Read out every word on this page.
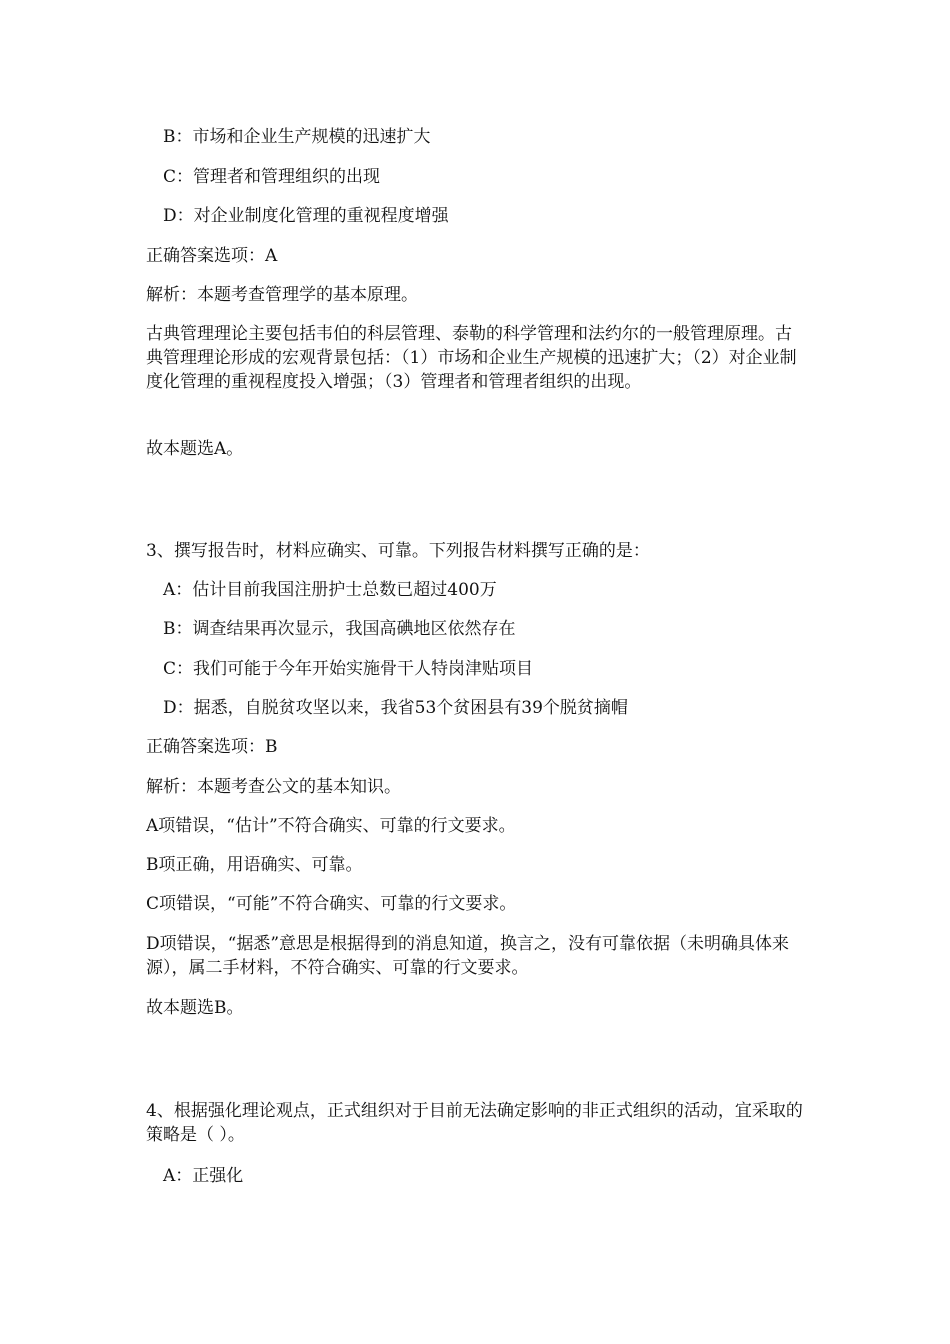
B：市场和企业生产规模的迅速扩大
C：管理者和管理组织的出现
D：对企业制度化管理的重视程度增强
正确答案选项：A
解析：本题考查管理学的基本原理。
古典管理理论主要包括韦伯的科层管理、泰勒的科学管理和法约尔的一般管理原理。古典管理理论形成的宏观背景包括：（1）市场和企业生产规模的迅速扩大；（2）对企业制度化管理的重视程度投入增强；（3）管理者和管理者组织的出现。
故本题选A。
3、撰写报告时，材料应确实、可靠。下列报告材料撰写正确的是：
A：估计目前我国注册护士总数已超过400万
B：调查结果再次显示，我国高碘地区依然存在
C：我们可能于今年开始实施骨干人特岗津贴项目
D：据悉，自脱贫攻坚以来，我省53个贫困县有39个脱贫摘帽
正确答案选项：B
解析：本题考查公文的基本知识。
A项错误，“估计”不符合确实、可靠的行文要求。
B项正确，用语确实、可靠。
C项错误，“可能”不符合确实、可靠的行文要求。
D项错误，“据悉”意思是根据得到的消息知道，换言之，没有可靠依据（未明确具体来源），属二手材料，不符合确实、可靠的行文要求。
故本题选B。
4、根据强化理论观点，正式组织对于目前无法确定影响的非正式组织的活动，宜采取的策略是（ ）。
A：正强化
